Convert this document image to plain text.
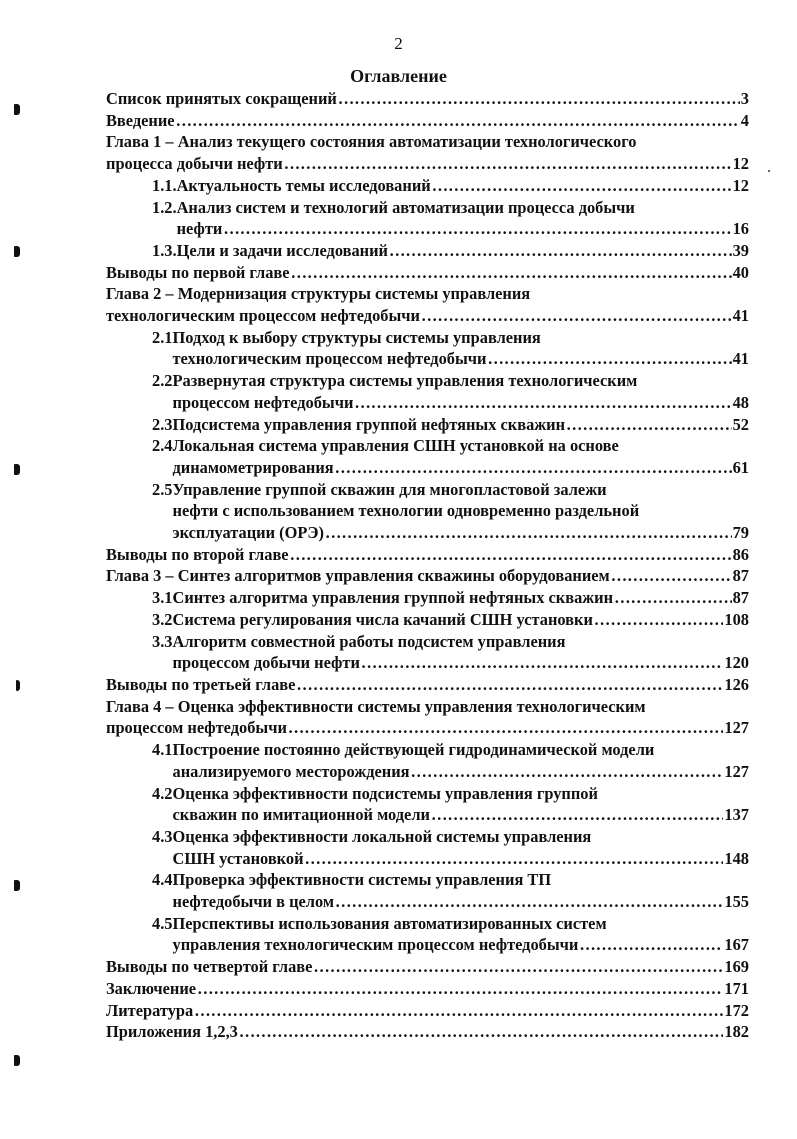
2
Оглавление
Список принятых сокращений ………………………………………………………………………………………………………………………………………………	3
Введение ………………………………………………………………………………………………………………………………………………	4
Глава 1 – Анализ текущего состояния автоматизации технологического
процесса добычи нефти ………………………………………………………………………………………………………………………………………………	12
1.1. Актуальность темы исследований ………………………………………………………………………………………………………………………………………………	12
1.2. Анализ систем и технологий автоматизации процесса добычи
нефти ………………………………………………………………………………………………………………………………………………	16
1.3. Цели и задачи исследований ………………………………………………………………………………………………………………………………………………	39
Выводы по первой главе ………………………………………………………………………………………………………………………………………………	40
Глава 2 – Модернизация структуры системы управления
технологическим процессом нефтедобычи ………………………………………………………………………………………………………………………………………………	41
2.1 Подход к выбору структуры системы управления
технологическим процессом нефтедобычи ………………………………………………………………………………………………………………………………………………	41
2.2 Развернутая структура системы управления технологическим
процессом нефтедобычи ………………………………………………………………………………………………………………………………………………	48
2.3 Подсистема управления группой нефтяных скважин ………………………………………………………………………………………………………………………………………………	52
2.4 Локальная система управления СШН установкой на основе
динамометрирования ………………………………………………………………………………………………………………………………………………	61
2.5 Управление группой скважин для многопластовой залежи
нефти с использованием технологии одновременно раздельной
эксплуатации (ОРЭ) ………………………………………………………………………………………………………………………………………………	79
Выводы по второй главе ………………………………………………………………………………………………………………………………………………	86
Глава 3 – Синтез алгоритмов управления скважины оборудованием ………………………………………………………………………………………………………………………………………………	87
3.1 Синтез алгоритма управления группой нефтяных скважин ………………………………………………………………………………………………………………………………………………	87
3.2 Система регулирования числа качаний СШН установки ………………………………………………………………………………………………………………………………………………	108
3.3 Алгоритм совместной работы подсистем управления
процессом добычи нефти ………………………………………………………………………………………………………………………………………………	120
Выводы по третьей главе ………………………………………………………………………………………………………………………………………………	126
Глава 4 – Оценка эффективности системы управления технологическим
процессом нефтедобычи ………………………………………………………………………………………………………………………………………………	127
4.1 Построение постоянно действующей гидродинамической модели
анализируемого месторождения ………………………………………………………………………………………………………………………………………………	127
4.2 Оценка эффективности подсистемы управления группой
скважин по имитационной модели ………………………………………………………………………………………………………………………………………………	137
4.3 Оценка эффективности локальной системы управления
СШН установкой ………………………………………………………………………………………………………………………………………………	148
4.4 Проверка эффективности системы управления ТП
нефтедобычи в целом ………………………………………………………………………………………………………………………………………………	155
4.5 Перспективы использования автоматизированных систем
управления технологическим процессом нефтедобычи ………………………………………………………………………………………………………………………………………………	167
Выводы по четвертой главе ………………………………………………………………………………………………………………………………………………	169
Заключение ………………………………………………………………………………………………………………………………………………	171
Литература ………………………………………………………………………………………………………………………………………………	172
Приложения 1,2,3 ………………………………………………………………………………………………………………………………………………	182
